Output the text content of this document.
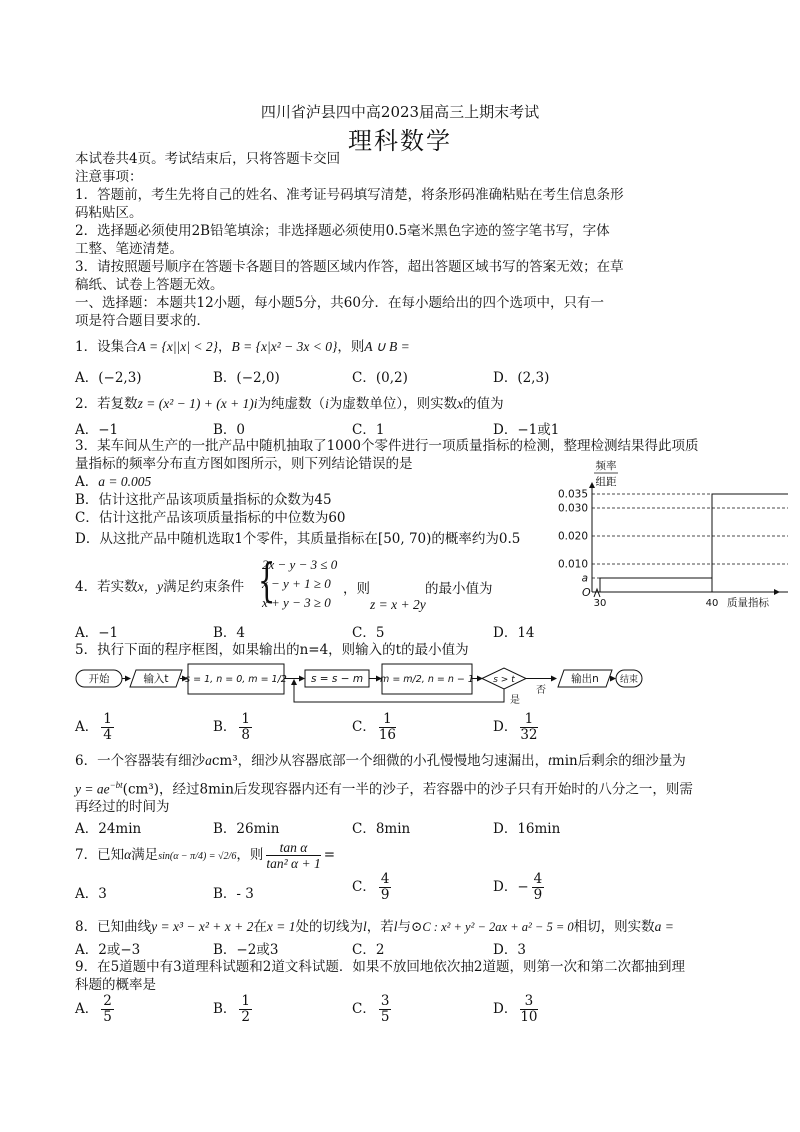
四川省泸县四中高2023届高三上期末考试
理科数学
本试卷共4页。考试结束后，只将答题卡交回
注意事项：
1．答题前，考生先将自己的姓名、准考证号码填写清楚，将条形码准确粘贴在考生信息条形
码粘贴区。
2．选择题必须使用2B铅笔填涂；非选择题必须使用0.5毫米黑色字迹的签字笔书写，字体
工整、笔迹清楚。
3．请按照题号顺序在答题卡各题目的答题区域内作答，超出答题区域书写的答案无效；在草
稿纸、试卷上答题无效。
一、选择题：本题共12小题，每小题5分，共60分．在每小题给出的四个选项中，只有一
项是符合题目要求的．
1．设集合A = {x||x| < 2}，B = {x|x² − 3x < 0}，则A ∪ B =
A．(−2,3)	B．(−2,0)	C．(0,2)	D．(2,3)
2．若复数z = (x² − 1) + (x + 1)i为纯虚数（i为虚数单位），则实数x的值为
A．−1	B．0	C．1	D．−1或1
3．某车间从生产的一批产品中随机抽取了1000个零件进行一项质量指标的检测，整理检测结果得此项质
量指标的频率分布直方图如图所示，则下列结论错误的是
A．a = 0.005
B．估计这批产品该项质量指标的众数为45
C．估计这批产品该项质量指标的中位数为60
D．从这批产品中随机选取1个零件，其质量指标在[50, 70)的概率约为0.5
a
0.010
0.020
0.030
0.035
30	40
O
质量指标
频率
组距
4．若实数x，y满足约束条件 {
2x − y − 3 ≤ 0
x − y + 1 ≥ 0
x + y − 3 ≥ 0
，则	的最小值为
z = x + 2y
A．−1	B．4	C．5	D．14
5．执行下面的程序框图，如果输出的n=4，则输入的t的最小值为
开始	输入t s = 1, n = 0, m = 1/2 s = s − m m = m/2, n = n − 1 s > t
是
否
输出n 结束
A． $\frac{1}{4}$	B． $\frac{1}{8}$	C． $\frac{1}{16}$	D． $\frac{1}{32}$
6．一个容器装有细沙acm³，细沙从容器底部一个细微的小孔慢慢地匀速漏出，tmin后剩余的细沙量为
$y = ae^{-bt}(cm^3)$，经过8min后发现容器内还有一半的沙子，若容器中的沙子只有开始时的八分之一，则需
再经过的时间为
A．24min	B．26min	C．8min	D．16min
7．已知α满足sin(α − π/4) = √2/6，则 $\frac{\text{tan α}}{\text{tan² α + 1}}$ =
A．3	B．- 3	C． $\frac{4}{9}$	D．− $\frac{4}{9}$
8．已知曲线y = x³ − x² + x + 2在x = 1处的切线为l，若l与⊙C : x² + y² − 2ax + a² − 5 = 0相切，则实数a =
A．2或−3	B．−2或3	C．2	D．3
9．在5道题中有3道理科试题和2道文科试题．如果不放回地依次抽2道题，则第一次和第二次都抽到理
科题的概率是
A． $\frac{2}{5}$	B． $\frac{1}{2}$	C． $\frac{3}{5}$	D． $\frac{3}{10}$
